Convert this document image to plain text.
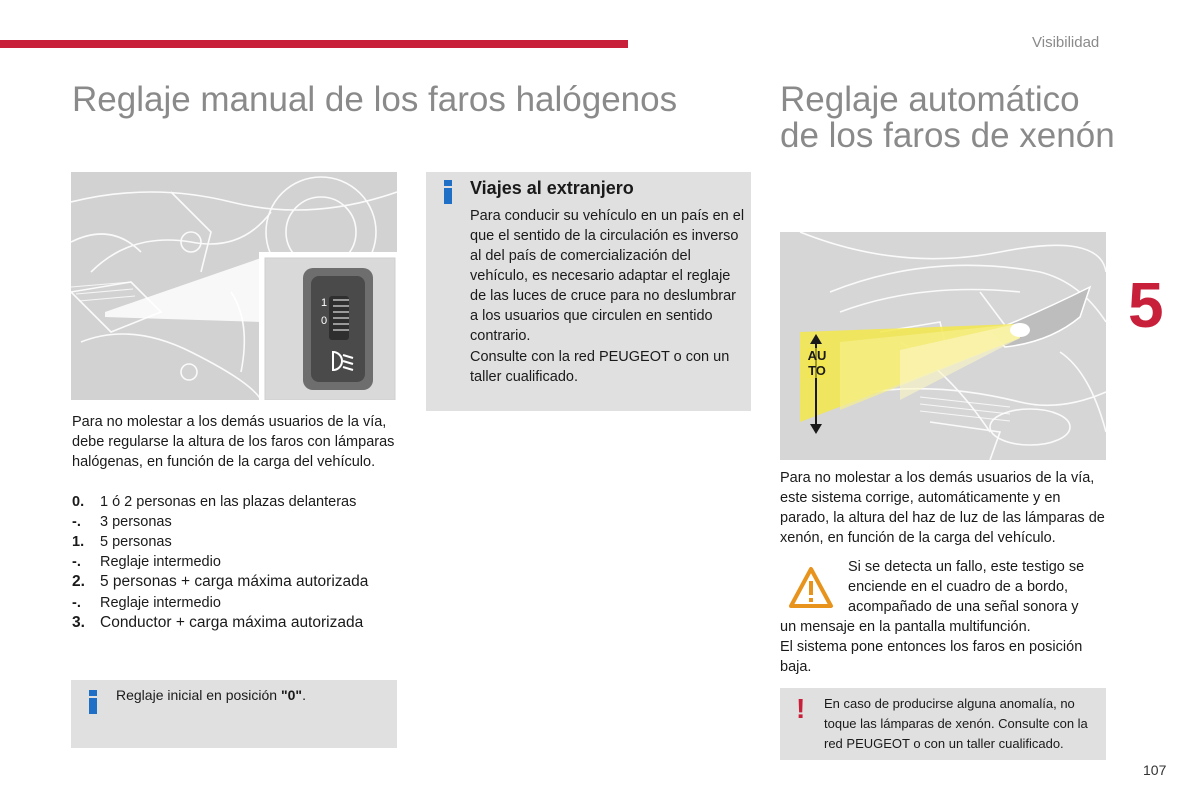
Visibilidad
Reglaje manual de los faros halógenos	Reglaje automático de los faros de xenón
5
1
0
Para no molestar a los demás usuarios de la vía, debe regularse la altura de los faros con lámparas halógenas, en función de la carga del vehículo.
0. 1 ó 2 personas en las plazas delanteras
-. 3 personas
1. 5 personas
-. Reglaje intermedio
2. 5 personas + carga máxima autorizada
-. Reglaje intermedio
3. Conductor + carga máxima autorizada
Reglaje inicial en posición "0".
Viajes al extranjero
Para conducir su vehículo en un país en el que el sentido de la circulación es inverso al del país de comercialización del vehículo, es necesario adaptar el reglaje de las luces de cruce para no deslumbrar a los usuarios que circulen en sentido contrario.
Consulte con la red PEUGEOT o con un taller cualificado.
AUTO
Para no molestar a los demás usuarios de la vía, este sistema corrige, automáticamente y en parado, la altura del haz de luz de las lámparas de xenón, en función de la carga del vehículo.
Si se detecta un fallo, este testigo se enciende en el cuadro de a bordo, acompañado de una señal sonora y
un mensaje en la pantalla multifunción.
El sistema pone entonces los faros en posición baja.
! En caso de producirse alguna anomalía, no toque las lámparas de xenón. Consulte con la red PEUGEOT o con un taller cualificado.
107
